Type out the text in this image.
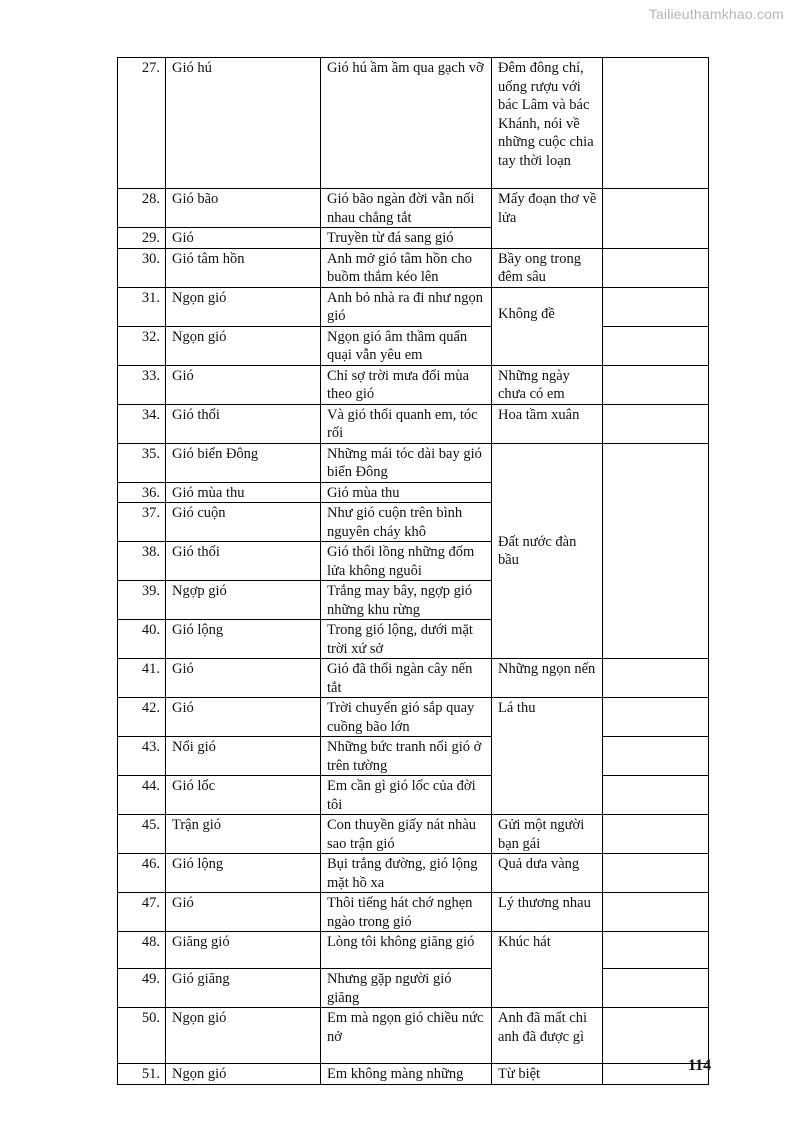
Tailieuthamkhao.com
27.	Gió hú	Gió hú ầm ầm qua gạch vỡ	Đêm đông chí, uống rượu với bác Lâm và bác Khánh, nói về những cuộc chia tay thời loạn	
28.	Gió bão	Gió bão ngàn đời vẫn nối nhau chẳng tắt	Mấy đoạn thơ về lửa	
29.	Gió	Truyền từ đá sang gió		
30.	Gió tâm hồn	Anh mở gió tâm hồn cho buồm thắm kéo lên	Bầy ong trong đêm sâu	
31.	Ngọn gió	Anh bỏ nhà ra đi như ngọn gió	Không đề	
32.	Ngọn gió	Ngọn gió âm thầm quẩn quại vẫn yêu em		
33.	Gió	Chỉ sợ trời mưa đổi mùa theo gió	Những ngày chưa có em	
34.	Gió thổi	Và gió thổi quanh em, tóc rối	Hoa tầm xuân	
35.	Gió biển Đông	Những mái tóc dài bay gió biển Đông	Đất nước đàn bầu	
36.	Gió mùa thu	Gió mùa thu		
37.	Gió cuộn	Như gió cuộn trên bình nguyên cháy khô		
38.	Gió thổi	Gió thổi lồng những đốm lửa không nguôi		
39.	Ngợp gió	Trắng may bây, ngợp gió những khu rừng		
40.	Gió lộng	Trong gió lộng, dưới mặt trời xứ sở		
41.	Gió	Gió đã thổi ngàn cây nến tắt	Những ngọn nến	
42.	Gió	Trời chuyển gió sắp quay cuồng bão lớn	Lá thu	
43.	Nổi gió	Những bức tranh nổi gió ở trên tường		
44.	Gió lốc	Em cần gì gió lốc của đời tôi		
45.	Trận gió	Con thuyền giấy nát nhàu sao trận gió	Gửi một người bạn gái	
46.	Gió lộng	Bụi trắng đường, gió lộng mặt hồ xa	Quả dưa vàng	
47.	Gió	Thôi tiếng hát chớ nghẹn ngào trong gió	Lý thương nhau	
48.	Giăng gió	Lòng tôi không giăng gió	Khúc hát	
49.	Gió giăng	Nhưng gặp người gió giăng		
50.	Ngọn gió	Em mà ngọn gió chiều nức nở	Anh đã mất chi anh đã được gì	
51.	Ngọn gió	Em không màng những	Từ biệt		114
